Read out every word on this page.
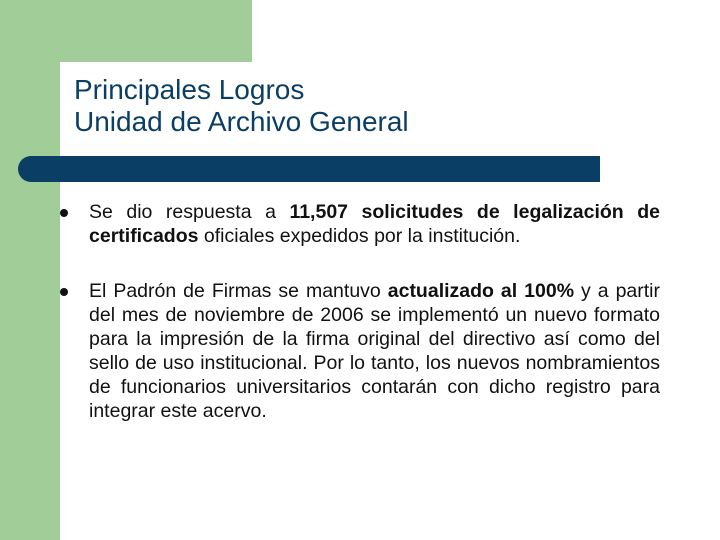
Principales Logros
Unidad de Archivo General
Se dio respuesta a 11,507 solicitudes de legalización de certificados oficiales expedidos por la institución.
El Padrón de Firmas se mantuvo actualizado al 100% y a partir del mes de noviembre de 2006 se implementó un nuevo formato para la impresión de la firma original del directivo así como del sello de uso institucional. Por lo tanto, los nuevos nombramientos de funcionarios universitarios contarán con dicho registro para integrar este acervo.
